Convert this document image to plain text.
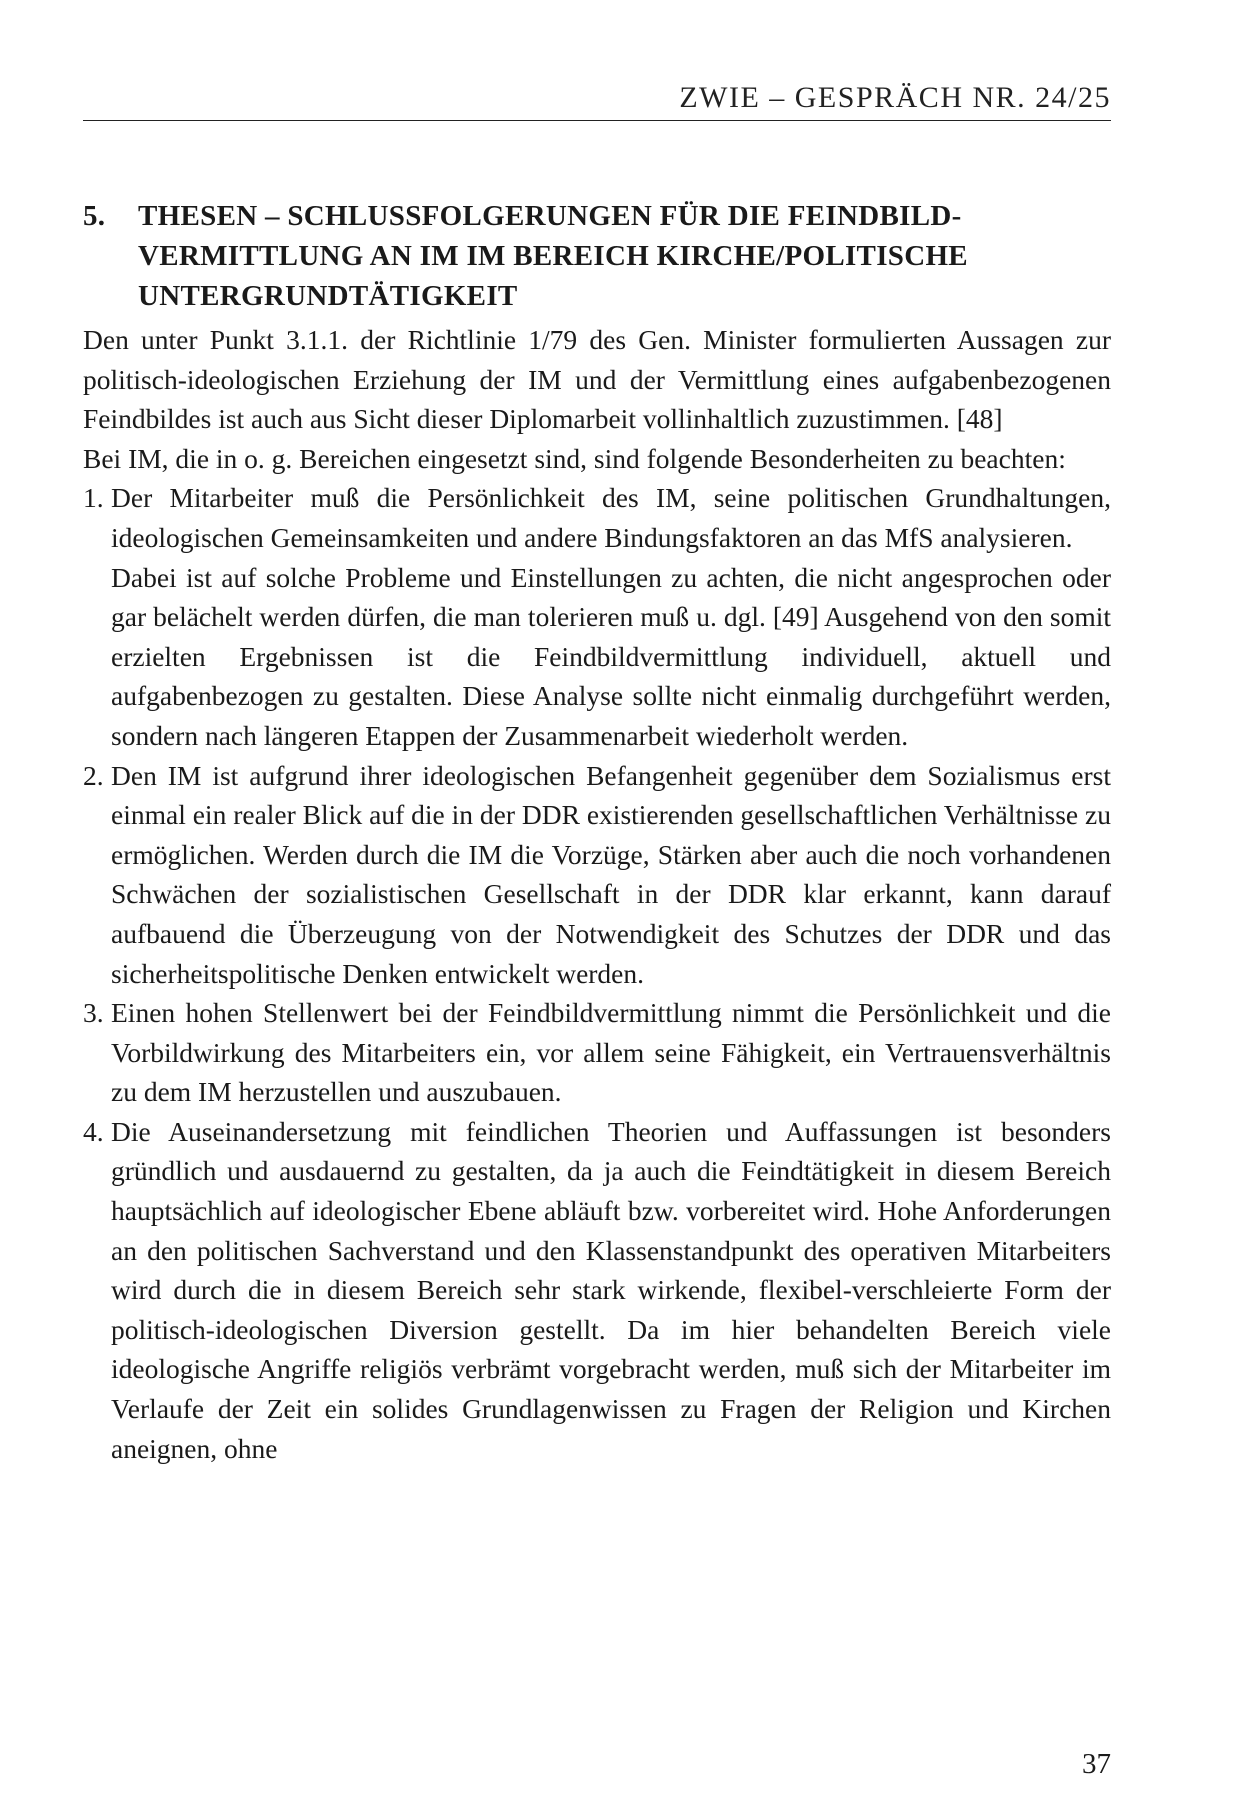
ZWIE – GESPRÄCH NR. 24/25
5.	THESEN – SCHLUSSFOLGERUNGEN FÜR DIE FEINDBILD-VERMITTLUNG AN IM IM BEREICH KIRCHE/POLITISCHE UNTERGRUNDTÄTIGKEIT

Den unter Punkt 3.1.1. der Richtlinie 1/79 des Gen. Minister formulierten Aussagen zur politisch-ideologischen Erziehung der IM und der Vermittlung eines aufgabenbezogenen Feindbildes ist auch aus Sicht dieser Diplomarbeit vollinhaltlich zuzustimmen. [48]

Bei IM, die in o. g. Bereichen eingesetzt sind, sind folgende Besonderheiten zu beachten:

1. Der Mitarbeiter muß die Persönlichkeit des IM, seine politischen Grundhaltungen, ideologischen Gemeinsamkeiten und andere Bindungsfaktoren an das MfS analysieren.

Dabei ist auf solche Probleme und Einstellungen zu achten, die nicht angesprochen oder gar belächelt werden dürfen, die man tolerieren muß u. dgl. [49] Ausgehend von den somit erzielten Ergebnissen ist die Feindbildvermittlung individuell, aktuell und aufgabenbezogen zu gestalten. Diese Analyse sollte nicht einmalig durchgeführt werden, sondern nach längeren Etappen der Zusammenarbeit wiederholt werden.

2. Den IM ist aufgrund ihrer ideologischen Befangenheit gegenüber dem Sozialismus erst einmal ein realer Blick auf die in der DDR existierenden gesellschaftlichen Verhältnisse zu ermöglichen. Werden durch die IM die Vorzüge, Stärken aber auch die noch vorhandenen Schwächen der sozialistischen Gesellschaft in der DDR klar erkannt, kann darauf aufbauend die Überzeugung von der Notwendigkeit des Schutzes der DDR und das sicherheitspolitische Denken entwickelt werden.

3. Einen hohen Stellenwert bei der Feindbildvermittlung nimmt die Persönlichkeit und die Vorbildwirkung des Mitarbeiters ein, vor allem seine Fähigkeit, ein Vertrauensverhältnis zu dem IM herzustellen und auszubauen.

4. Die Auseinandersetzung mit feindlichen Theorien und Auffassungen ist besonders gründlich und ausdauernd zu gestalten, da ja auch die Feindtätigkeit in diesem Bereich hauptsächlich auf ideologischer Ebene abläuft bzw. vorbereitet wird. Hohe Anforderungen an den politischen Sachverstand und den Klassenstandpunkt des operativen Mitarbeiters wird durch die in diesem Bereich sehr stark wirkende, flexibel-verschleierte Form der politisch-ideologischen Diversion gestellt. Da im hier behandelten Bereich viele ideologische Angriffe religiös verbrämt vorgebracht werden, muß sich der Mitarbeiter im Verlaufe der Zeit ein solides Grundlagenwissen zu Fragen der Religion und Kirchen aneignen, ohne

37
